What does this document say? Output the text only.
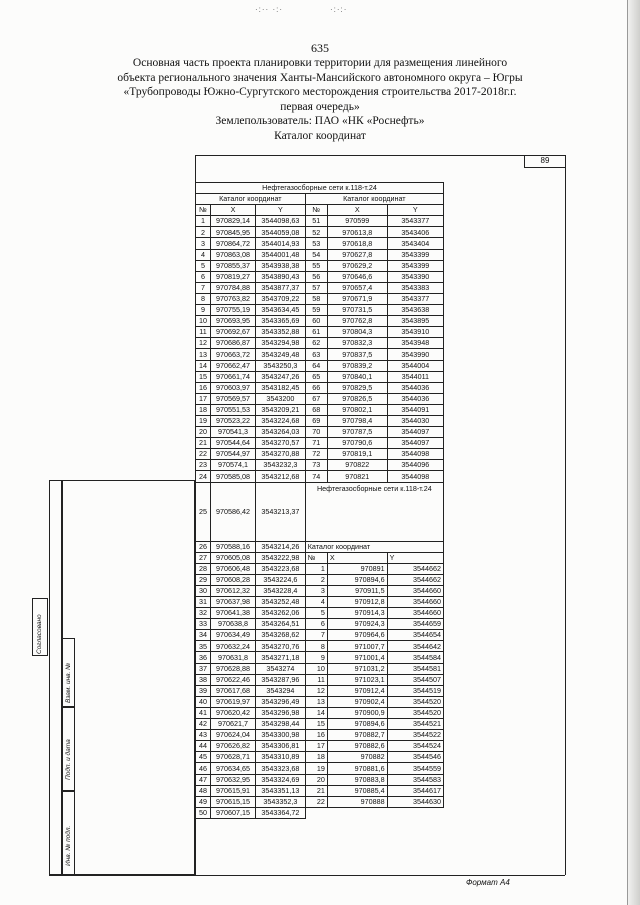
·:·· ·:·	·:·:·
635
Основная часть проекта планировки территории для размещения линейного
объекта регионального значения Ханты-Мансийского автономного округа – Югры
«Трубопроводы Южно-Сургутского месторождения строительства 2017-2018г.г.
первая очередь»
Землепользователь: ПАО «НК «Роснефть»
Каталог координат
89
Согласовано
Взам. инв. №
Подп. и дата
Инв. № подл.
Нефтегазосборные сети к.118-т.24					
Каталог координат			Каталог координат		
№	X	Y	№	X	Y
1	970829,14	3544098,63	51	970599	3543377
2	970845,95	3544059,08	52	970613,8	3543406
3	970864,72	3544014,93	53	970618,8	3543404
4	970863,08	3544001,48	54	970627,8	3543399
5	970855,37	3543938,38	55	970629,2	3543399
6	970819,27	3543890,43	56	970646,6	3543390
7	970784,88	3543877,37	57	970657,4	3543383
8	970763,82	3543709,22	58	970671,9	3543377
9	970755,19	3543634,45	59	970731,5	3543638
10	970693,95	3543365,69	60	970762,8	3543895
11	970692,67	3543352,88	61	970804,3	3543910
12	970686,87	3543294,98	62	970832,3	3543948
13	970663,72	3543249,48	63	970837,5	3543990
14	970662,47	3543250,3	64	970839,2	3544004
15	970661,74	3543247,26	65	970840,1	3544011
16	970603,97	3543182,45	66	970829,5	3544036
17	970569,57	3543200	67	970826,5	3544036
18	970551,53	3543209,21	68	970802,1	3544091
19	970523,22	3543224,68	69	970798,4	3544030
20	970541,3	3543264,03	70	970787,5	3544097
21	970544,64	3543270,57	71	970790,6	3544097
22	970544,97	3543270,88	72	970819,1	3544098
23	970574,1	3543232,3	73	970822	3544096
24	970585,08	3543212,68	74	970821	3544098
25	970586,42	3543213,37	Нефтегазосборные сети к.118-т.24		
26	970588,16	3543214,26	Каталог координат		
27	970605,08	3543222,98	№	X	Y
28	970606,48	3543223,68	1	970891	3544662
29	970608,28	3543224,6	2	970894,6	3544662
30	970612,32	3543228,4	3	970911,5	3544660
31	970637,98	3543252,48	4	970912,8	3544660
32	970641,38	3543262,06	5	970914,3	3544660
33	970638,8	3543264,51	6	970924,3	3544659
34	970634,49	3543268,62	7	970964,6	3544654
35	970632,24	3543270,76	8	971007,7	3544642
36	970631,8	3543271,18	9	971001,4	3544584
37	970628,88	3543274	10	971031,2	3544581
38	970622,46	3543287,96	11	971023,1	3544507
39	970617,68	3543294	12	970912,4	3544519
40	970619,97	3543296,49	13	970902,4	3544520
41	970620,42	3543296,98	14	970900,9	3544520
42	970621,7	3543298,44	15	970894,6	3544521
43	970624,04	3543300,98	16	970882,7	3544522
44	970626,82	3543306,81	17	970882,6	3544524
45	970628,71	3543310,89	18	970882	3544546
46	970634,65	3543323,68	19	970881,6	3544559
47	970632,95	3543324,69	20	970883,8	3544583
48	970615,91	3543351,13	21	970885,4	3544617
49	970615,15	3543352,3	22	970888	3544630
50	970607,15	3543364,72			
Формат А4
